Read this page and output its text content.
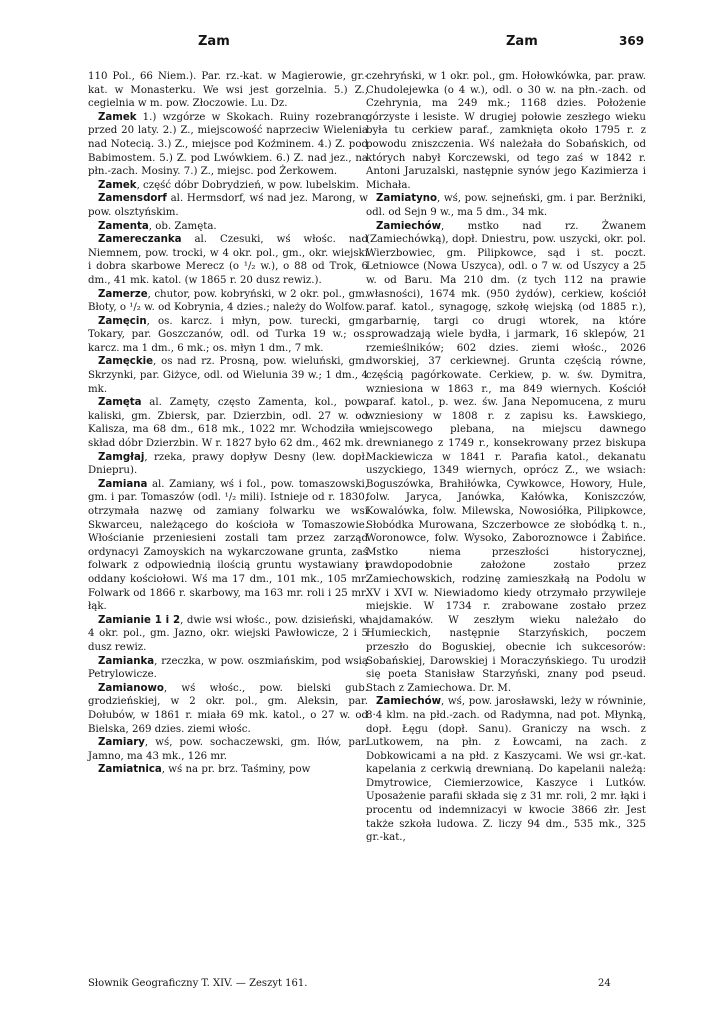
Zam	Zam	369

110 Pol., 66 Niem.). Par. rz.-kat. w Magierowie, gr.-kat. w Monasterku. We wsi jest gorzelnia. 5.) Z., cegielnia w m. pow. Złoczowie. Lu. Dz.

Zamek 1.) wzgórze w Skokach. Ruiny rozebrano przed 20 laty. 2.) Z., miejscowość naprzeciw Wielenia nad Notecią. 3.) Z., miejsce pod Koźminem. 4.) Z. pod Babimostem. 5.) Z. pod Lwówkiem. 6.) Z. nad jez., na płn.-zach. Mosiny. 7.) Z., miejsc. pod Żerkowem.

Zamek, część dóbr Dobrydzień, w pow. lubelskim.

Zamensdorf al. Hermsdorf, wś nad jez. Marong, w pow. olsztyńskim.

Zamenta, ob. Zamęta.

Zamereczanka al. Czesuki, wś włośc. nad Niemnem, pow. trocki, w 4 okr. pol., gm., okr. wiejski i dobra skarbowe Merecz (o ¹/₂ w.), o 88 od Trok, 6 dm., 41 mk. katol. (w 1865 r. 20 dusz rewiz.).

Zamerze, chutor, pow. kobryński, w 2 okr. pol., gm. Błoty, o ¹/₂ w. od Kobrynia, 4 dzies.; należy do Wolfow.

Zamęcin, os. karcz. i młyn, pow. turecki, gm. Tokary, par. Goszczanów, odl. od Turka 19 w.; os. karcz. ma 1 dm., 6 mk.; os. młyn 1 dm., 7 mk.

Zamęckie, os nad rz. Prosną, pow. wieluński, gm. Skrzynki, par. Giżyce, odl. od Wielunia 39 w.; 1 dm., 4 mk.

Zamęta al. Zamęty, często Zamenta, kol., pow. kaliski, gm. Zbiersk, par. Dzierzbin, odl. 27 w. od Kalisza, ma 68 dm., 618 mk., 1022 mr. Wchodziła w skład dóbr Dzierzbin. W r. 1827 było 62 dm., 462 mk.

Zamgłaj, rzeka, prawy dopływ Desny (lew. dopł. Dniepru).

Zamiana al. Zamiany, wś i fol., pow. tomaszowski, gm. i par. Tomaszów (odl. ¹/₂ mili). Istnieje od r. 1830, otrzymała nazwę od zamiany folwarku we wsi Skwarceu, należącego do kościoła w Tomaszowie. Włościanie przeniesieni zostali tam przez zarząd ordynacyi Zamoyskich na wykarczowane grunta, zaś folwark z odpowiednią ilością gruntu wystawiany i oddany kościołowi. Wś ma 17 dm., 101 mk., 105 mr. Folwark od 1866 r. skarbowy, ma 163 mr. roli i 25 mr. łąk.

Zamianie 1 i 2, dwie wsi włośc., pow. dzisieński, w 4 okr. pol., gm. Jazno, okr. wiejski Pawłowicze, 2 i 5 dusz rewiz.

Zamianka, rzeczka, w pow. oszmiańskim, pod wsią Petrylowicze.

Zamianowo, wś włośc., pow. bielski gub. grodzieńskiej, w 2 okr. pol., gm. Aleksin, par. Dołubów, w 1861 r. miała 69 mk. katol., o 27 w. od Bielska, 269 dzies. ziemi włośc.

Zamiary, wś, pow. sochaczewski, gm. Iłów, par. Jamno, ma 43 mk., 126 mr.

Zamiatnica, wś na pr. brz. Taśminy, pow

czehryński, w 1 okr. pol., gm. Hołowkówka, par. praw. Chudolejewka (o 4 w.), odl. o 30 w. na płn.-zach. od Czehrynia, ma 249 mk.; 1168 dzies. Położenie górzyste i lesiste. W drugiej połowie zeszłego wieku była tu cerkiew paraf., zamknięta około 1795 r. z powodu zniszczenia. Wś należała do Sobańskich, od których nabył Korczewski, od tego zaś w 1842 r. Antoni Jaruzalski, następnie synów jego Kazimierza i Michała.

Zamiatyno, wś, pow. sejneński, gm. i par. Berżniki, odl. od Sejn 9 w., ma 5 dm., 34 mk.

Zamiechów, mstko nad rz. Żwanem (Zamiechówką), dopł. Dniestru, pow. uszycki, okr. pol. Wierzbowiec, gm. Pilipkowce, sąd i st. poczt. Letniowce (Nowa Uszyca), odl. o 7 w. od Uszycy a 25 w. od Baru. Ma 210 dm. (z tych 112 na prawie własności), 1674 mk. (950 żydów), cerkiew, kościół paraf. katol., synagogę, szkołę wiejską (od 1885 r.), garbarnię, targi co drugi wtorek, na które sprowadzają wiele bydła, i jarmark, 16 sklepów, 21 rzemieślników; 602 dzies. ziemi włośc., 2026 dworskiej, 37 cerkiewnej. Grunta częścią równe, częścią pagórkowate. Cerkiew, p. w. św. Dymitra, wzniesiona w 1863 r., ma 849 wiernych. Kościół paraf. katol., p. wez. św. Jana Nepomucena, z muru wzniesiony w 1808 r. z zapisu ks. Ławskiego, miejscowego plebana, na miejscu dawnego drewnianego z 1749 r., konsekrowany przez biskupa Mackiewicza w 1841 r. Parafia katol., dekanatu uszyckiego, 1349 wiernych, oprócz Z., we wsiach: Boguszówka, Brahiłówka, Cywkowce, Howory, Hule, folw. Jaryca, Janówka, Kałówka, Koniszczów, Kowalówka, folw. Milewska, Nowosiółka, Pilipkowce, Słobódka Murowana, Szczerbowce ze słobódką t. n., Woronowce, folw. Wysoko, Zaboroznowce i Żabińce. Mstko niema przeszłości historycznej, prawdopodobnie założone zostało przez Zamiechowskich, rodzinę zamieszkałą na Podolu w XV i XVI w. Niewiadomo kiedy otrzymało przywileje miejskie. W 1734 r. zrabowane zostało przez hajdamaków. W zeszłym wieku należało do Humieckich, następnie Starzyńskich, poczem przeszło do Boguskiej, obecnie ich sukcesorów: Sobańskiej, Darowskiej i Moraczyńskiego. Tu urodził się poeta Stanisław Starzyński, znany pod pseud. Stach z Zamiechowa. Dr. M.

Zamiechów, wś, pow. jarosławski, leży w równinie, 8·4 klm. na płd.-zach. od Radymna, nad pot. Młynką, dopł. Łęgu (dopł. Sanu). Graniczy na wsch. z Lutkowem, na płn. z Łowcami, na zach. z Dobkowicami a na płd. z Kaszycami. We wsi gr.-kat. kapelania z cerkwią drewnianą. Do kapelanii należą: Dmytrowice, Ciemierzowice, Kaszyce i Lutków. Uposażenie parafii składa się z 31 mr. roli, 2 mr. łąki i procentu od indemnizacyi w kwocie 3866 złr. Jest także szkoła ludowa. Z. liczy 94 dm., 535 mk., 325 gr.-kat.,

Słownik Geograficzny T. XIV. — Zeszyt 161.	24
